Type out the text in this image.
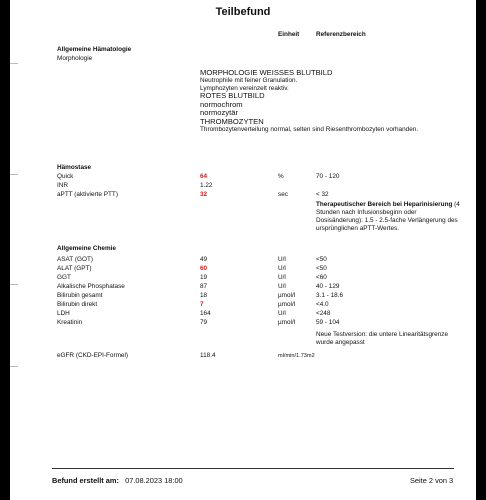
Teilbefund
Einheit	Referenzbereich
Allgemeine Hämatologie
Morphologie
MORPHOLOGIE WEISSES BLUTBILD
Neutrophile mit feiner Granulation.
Lymphozyten vereinzelt reaktiv.
ROTES BLUTBILD
normochrom
normozytär
THROMBOZYTEN
Thrombozytenverteilung normal, selten sind Riesenthrombozyten vorhanden.
Hämostase
Quick	64	%	70 - 120
INR	1.22
aPTT (aktivierte PTT)	32	sec	< 32
Therapeutischer Bereich bei Heparinisierung (4 Stunden nach Infusionsbeginn oder Dosisänderung): 1.5 - 2.5-fache Verlängerung des ursprünglichen aPTT-Wertes.
Allgemeine Chemie
ASAT (GOT)	49	U/l	<50
ALAT (GPT)	60	U/l	<50
GGT	19	U/l	<60
Alkalische Phosphatase	87	U/l	40 - 129
Bilirubin gesamt	18	µmol/l	3.1 - 18.6
Bilirubin direkt	7	µmol/l	<4.0
LDH	164	U/l	<248
Kreatinin	79	µmol/l	59 - 104
Neue Testversion: die untere Linearitätsgrenze wurde angepasst
eGFR (CKD-EPI-Formel)	118.4	ml/min/1.73m2
Befund erstellt am: 07.08.2023 18:00	Seite 2 von 3
